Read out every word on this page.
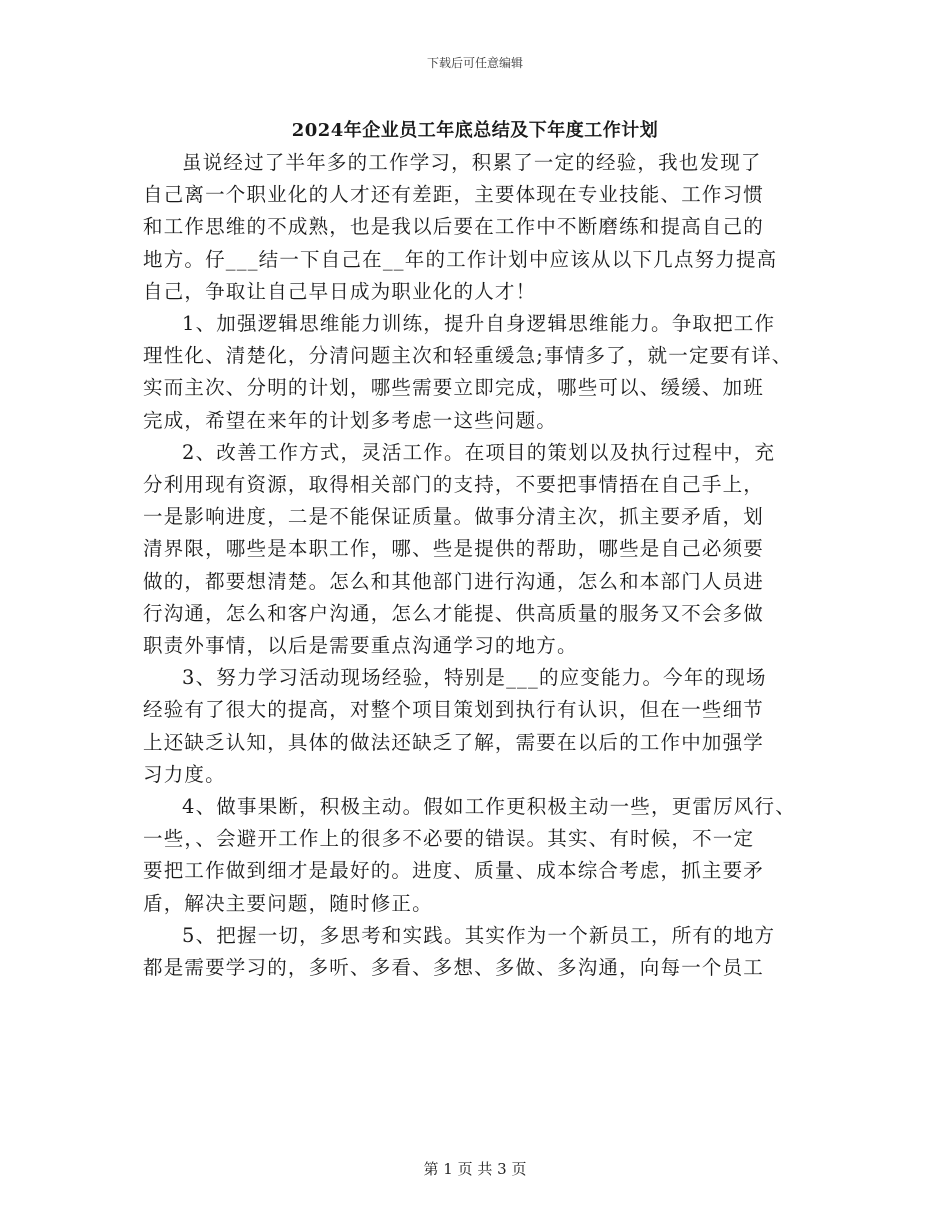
下载后可任意编辑
2024年企业员工年底总结及下年度工作计划

虽说经过了半年多的工作学习，积累了一定的经验，我也发现了
自己离一个职业化的人才还有差距，主要体现在专业技能、工作习惯
和工作思维的不成熟，也是我以后要在工作中不断磨练和提高自己的
地方。仔___结一下自己在__年的工作计划中应该从以下几点努力提高
自己，争取让自己早日成为职业化的人才！

1、加强逻辑思维能力训练，提升自身逻辑思维能力。争取把工作
理性化、清楚化，分清问题主次和轻重缓急;事情多了，就一定要有详、
实而主次、分明的计划，哪些需要立即完成，哪些可以、缓缓、加班
完成，希望在来年的计划多考虑一这些问题。

2、改善工作方式，灵活工作。在项目的策划以及执行过程中，充
分利用现有资源，取得相关部门的支持，不要把事情捂在自己手上，
一是影响进度，二是不能保证质量。做事分清主次，抓主要矛盾，划
清界限，哪些是本职工作，哪、些是提供的帮助，哪些是自己必须要
做的，都要想清楚。怎么和其他部门进行沟通，怎么和本部门人员进
行沟通，怎么和客户沟通，怎么才能提、供高质量的服务又不会多做
职责外事情，以后是需要重点沟通学习的地方。

3、努力学习活动现场经验，特别是___的应变能力。今年的现场
经验有了很大的提高，对整个项目策划到执行有认识，但在一些细节
上还缺乏认知，具体的做法还缺乏了解，需要在以后的工作中加强学
习力度。

4、做事果断，积极主动。假如工作更积极主动一些，更雷厉风行、
一些，、会避开工作上的很多不必要的错误。其实、有时候，不一定
要把工作做到细才是最好的。进度、质量、成本综合考虑，抓主要矛
盾，解决主要问题，随时修正。

5、把握一切，多思考和实践。其实作为一个新员工，所有的地方
都是需要学习的，多听、多看、多想、多做、多沟通，向每一个员工

第 1 页 共 3 页
